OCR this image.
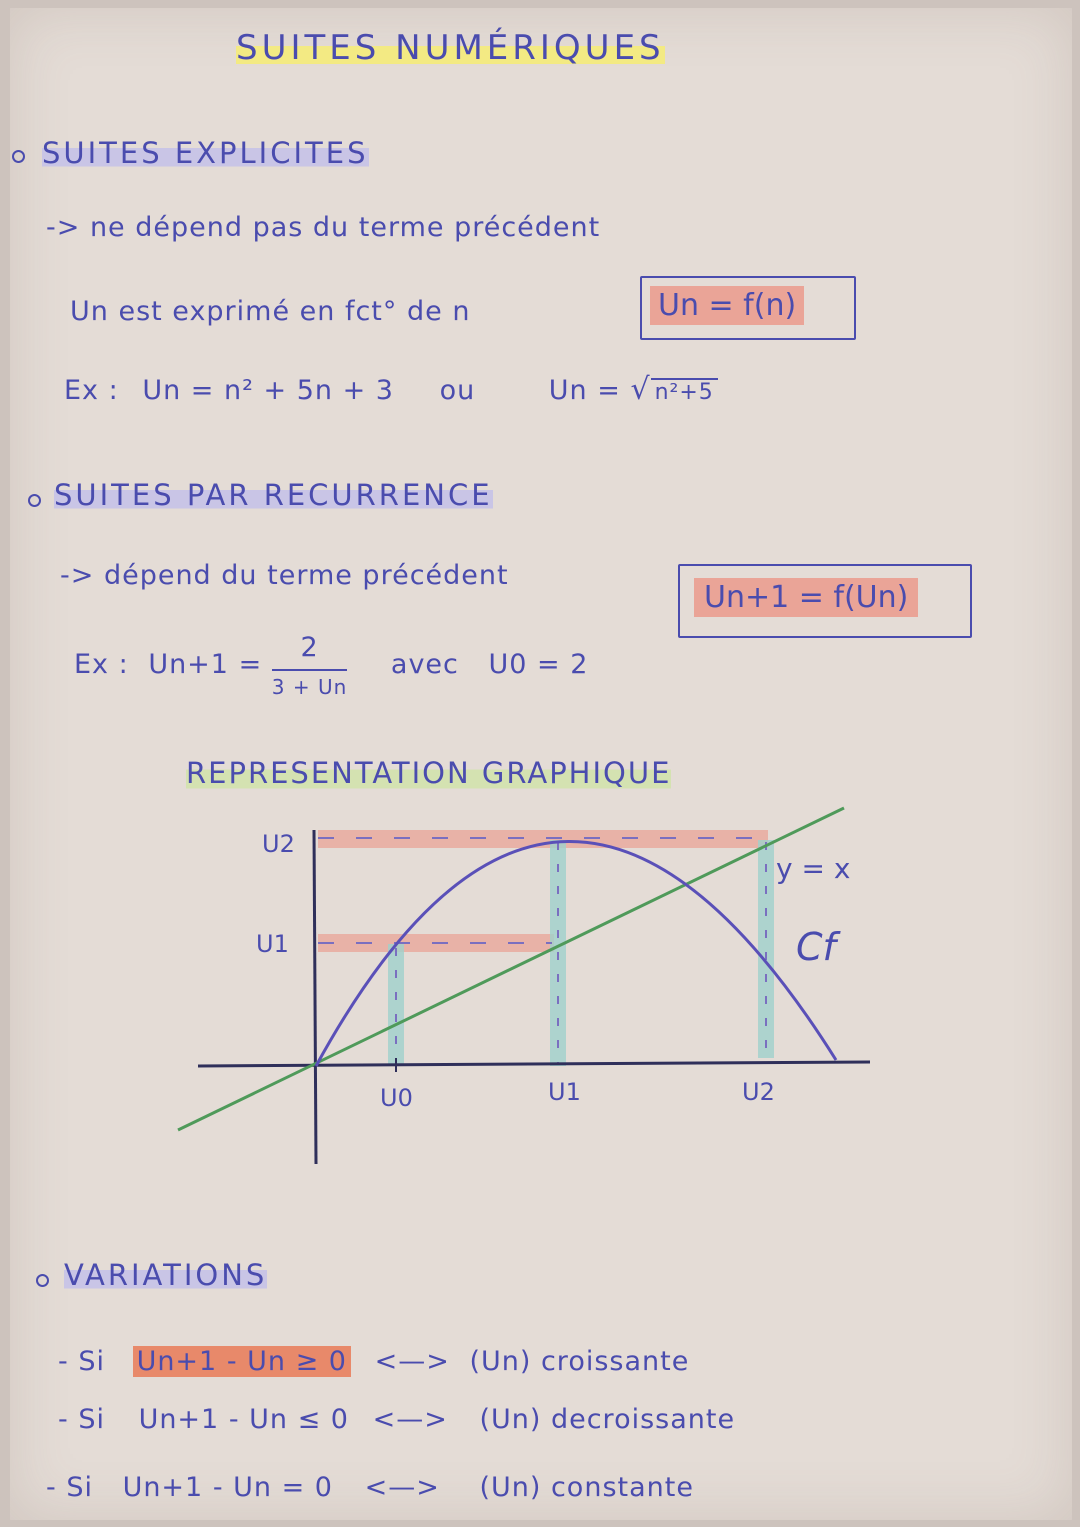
SUITES NUMÉRIQUES
SUITES EXPLICITES
-> ne dépend pas du terme précédent
Un est exprimé en fct° de n	Un = f(n)
Ex : Un = n² + 5n + 3 ou	Un = √ n²+5
SUITES PAR RECURRENCE
-> dépend du terme précédent
Un+1 = f(Un)
Ex : $Un+1 = \frac{2}{3 + Un}$ avec U0 = 2
REPRESENTATION GRAPHIQUE
U2
U1
U0	U1	U2
y = x
Cf
VARIATIONS
- Si Un+1 - Un ≥ 0 <—> (Un) croissante
- Si Un+1 - Un ≤ 0 <—> (Un) decroissante
- Si Un+1 - Un = 0 <—> (Un) constante
